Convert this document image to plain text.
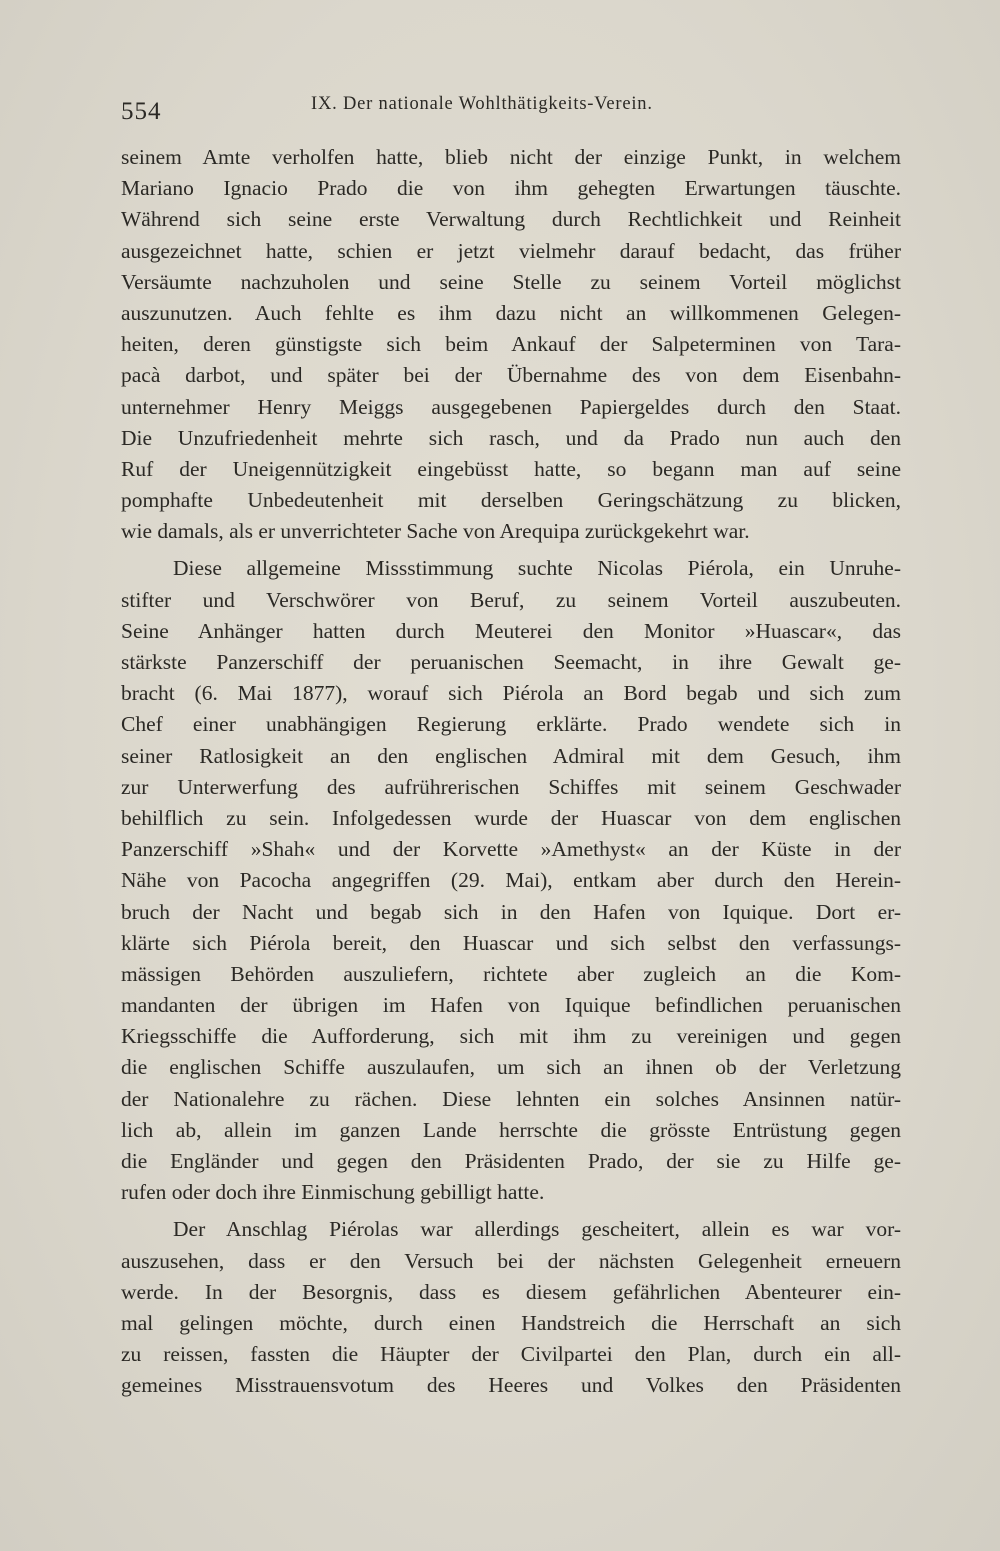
554	IX. Der nationale Wohlthätigkeits-Verein.
seinem Amte verholfen hatte, blieb nicht der einzige Punkt, in welchem
Mariano Ignacio Prado die von ihm gehegten Erwartungen täuschte.
Während sich seine erste Verwaltung durch Rechtlichkeit und Reinheit
ausgezeichnet hatte, schien er jetzt vielmehr darauf bedacht, das früher
Versäumte nachzuholen und seine Stelle zu seinem Vorteil möglichst
auszunutzen. Auch fehlte es ihm dazu nicht an willkommenen Gelegen-
heiten, deren günstigste sich beim Ankauf der Salpeterminen von Tara-
pacà darbot, und später bei der Übernahme des von dem Eisenbahn-
unternehmer Henry Meiggs ausgegebenen Papiergeldes durch den Staat.
Die Unzufriedenheit mehrte sich rasch, und da Prado nun auch den
Ruf der Uneigennützigkeit eingebüsst hatte, so begann man auf seine
pomphafte Unbedeutenheit mit derselben Geringschätzung zu blicken,
wie damals, als er unverrichteter Sache von Arequipa zurückgekehrt war.
Diese allgemeine Missstimmung suchte Nicolas Piérola, ein Unruhe-
stifter und Verschwörer von Beruf, zu seinem Vorteil auszubeuten.
Seine Anhänger hatten durch Meuterei den Monitor »Huascar«, das
stärkste Panzerschiff der peruanischen Seemacht, in ihre Gewalt ge-
bracht (6. Mai 1877), worauf sich Piérola an Bord begab und sich zum
Chef einer unabhängigen Regierung erklärte. Prado wendete sich in
seiner Ratlosigkeit an den englischen Admiral mit dem Gesuch, ihm
zur Unterwerfung des aufrührerischen Schiffes mit seinem Geschwader
behilflich zu sein. Infolgedessen wurde der Huascar von dem englischen
Panzerschiff »Shah« und der Korvette »Amethyst« an der Küste in der
Nähe von Pacocha angegriffen (29. Mai), entkam aber durch den Herein-
bruch der Nacht und begab sich in den Hafen von Iquique. Dort er-
klärte sich Piérola bereit, den Huascar und sich selbst den verfassungs-
mässigen Behörden auszuliefern, richtete aber zugleich an die Kom-
mandanten der übrigen im Hafen von Iquique befindlichen peruanischen
Kriegsschiffe die Aufforderung, sich mit ihm zu vereinigen und gegen
die englischen Schiffe auszulaufen, um sich an ihnen ob der Verletzung
der Nationalehre zu rächen. Diese lehnten ein solches Ansinnen natür-
lich ab, allein im ganzen Lande herrschte die grösste Entrüstung gegen
die Engländer und gegen den Präsidenten Prado, der sie zu Hilfe ge-
rufen oder doch ihre Einmischung gebilligt hatte.
Der Anschlag Piérolas war allerdings gescheitert, allein es war vor-
auszusehen, dass er den Versuch bei der nächsten Gelegenheit erneuern
werde. In der Besorgnis, dass es diesem gefährlichen Abenteurer ein-
mal gelingen möchte, durch einen Handstreich die Herrschaft an sich
zu reissen, fassten die Häupter der Civilpartei den Plan, durch ein all-
gemeines Misstrauensvotum des Heeres und Volkes den Präsidenten
